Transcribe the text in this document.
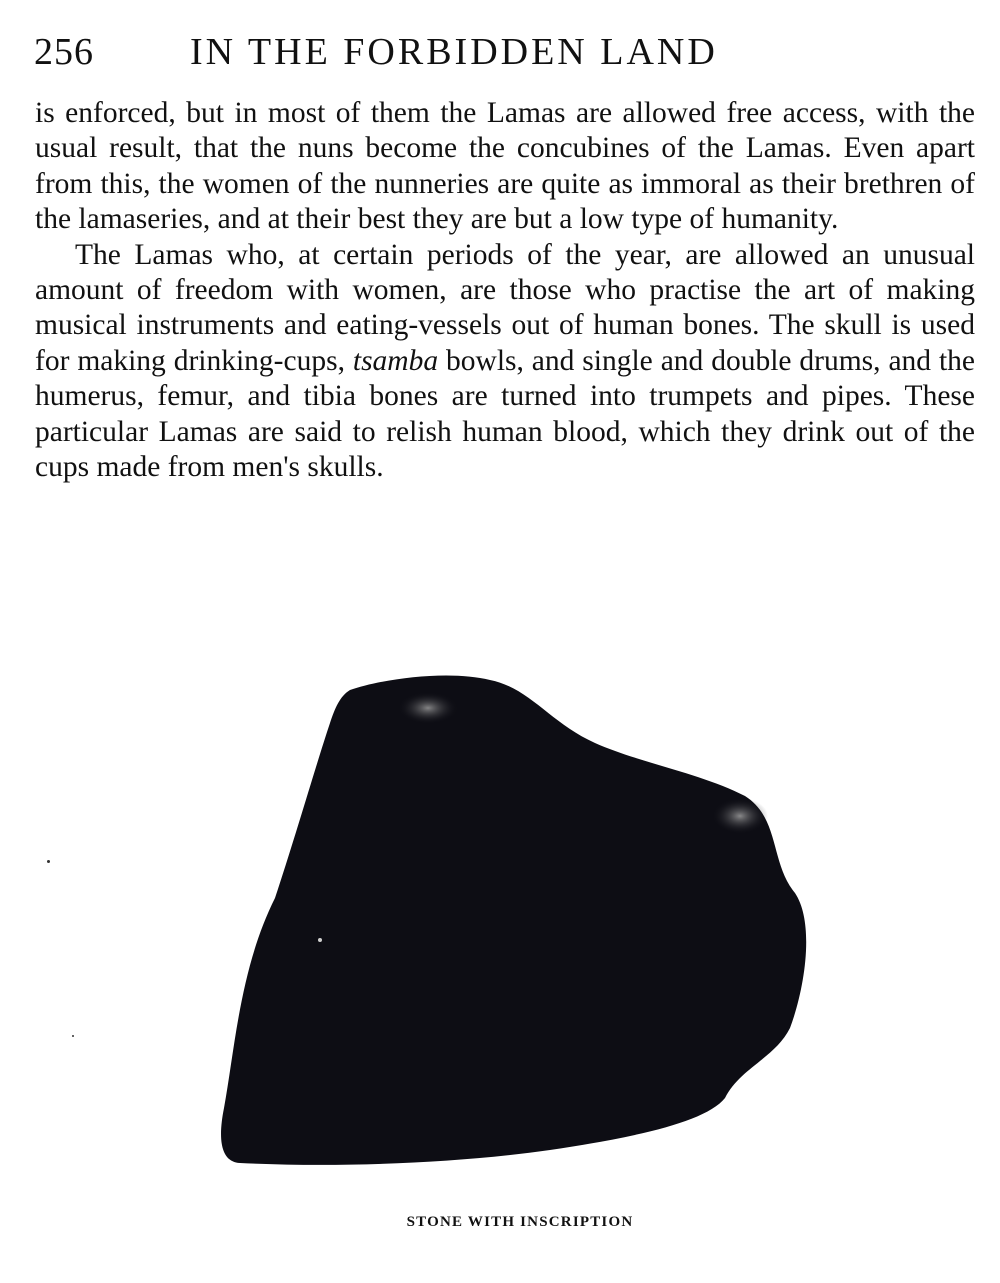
256	IN THE FORBIDDEN LAND

is enforced, but in most of them the Lamas are allowed free access, with the usual result, that the nuns become the concubines of the Lamas. Even apart from this, the women of the nunneries are quite as immoral as their brethren of the lamaseries, and at their best they are but a low type of humanity.

The Lamas who, at certain periods of the year, are allowed an unusual amount of freedom with women, are those who practise the art of making musical instruments and eating-vessels out of human bones. The skull is used for making drinking-cups, tsamba bowls, and single and double drums, and the humerus, femur, and tibia bones are turned into trumpets and pipes. These particular Lamas are said to relish human blood, which they drink out of the cups made from men's skulls.

STONE WITH INSCRIPTION
